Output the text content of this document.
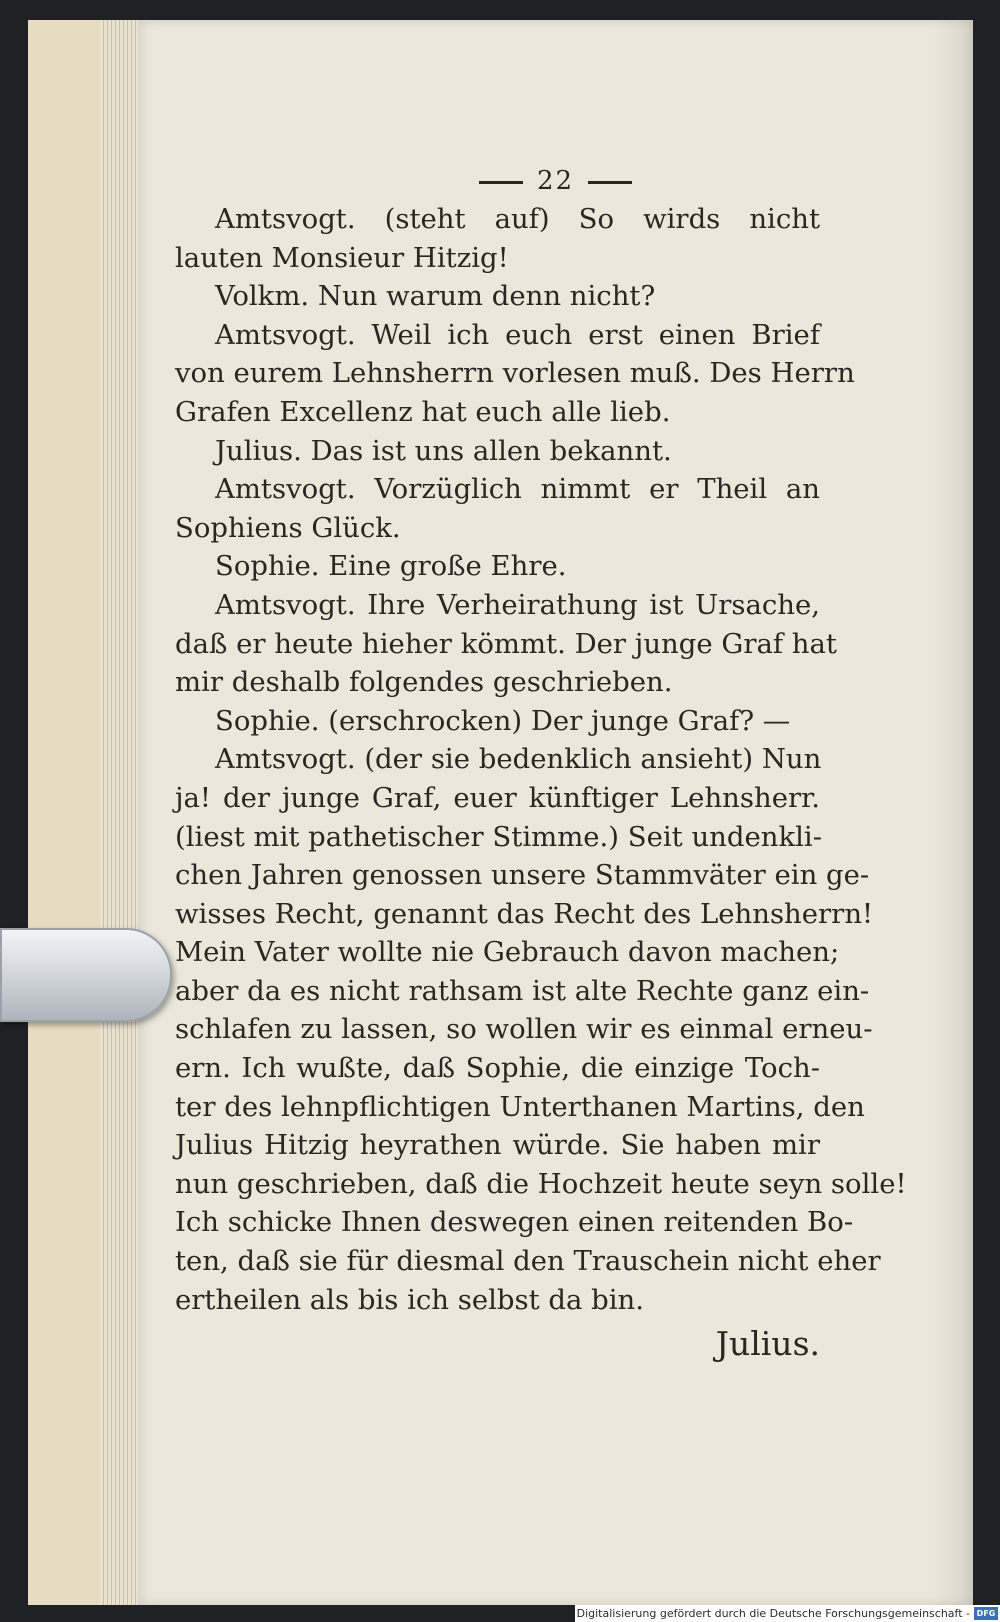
22
Amtsvogt. (steht auf) So wirds nicht
lauten Monsieur Hitzig!
Volkm. Nun warum denn nicht?
Amtsvogt. Weil ich euch erst einen Brief
von eurem Lehnsherrn vorlesen muß. Des Herrn
Grafen Excellenz hat euch alle lieb.
Julius. Das ist uns allen bekannt.
Amtsvogt. Vorzüglich nimmt er Theil an
Sophiens Glück.
Sophie. Eine große Ehre.
Amtsvogt. Ihre Verheirathung ist Ursache,
daß er heute hieher kömmt. Der junge Graf hat
mir deshalb folgendes geschrieben.
Sophie. (erschrocken) Der junge Graf? —
Amtsvogt. (der sie bedenklich ansieht) Nun
ja! der junge Graf, euer künftiger Lehnsherr.
(liest mit pathetischer Stimme.) Seit undenkli-
chen Jahren genossen unsere Stammväter ein ge-
wisses Recht, genannt das Recht des Lehnsherrn!
Mein Vater wollte nie Gebrauch davon machen;
aber da es nicht rathsam ist alte Rechte ganz ein-
schlafen zu lassen, so wollen wir es einmal erneu-
ern. Ich wußte, daß Sophie, die einzige Toch-
ter des lehnpflichtigen Unterthanen Martins, den
Julius Hitzig heyrathen würde. Sie haben mir
nun geschrieben, daß die Hochzeit heute seyn solle!
Ich schicke Ihnen deswegen einen reitenden Bo-
ten, daß sie für diesmal den Trauschein nicht eher
ertheilen als bis ich selbst da bin.
Julius.
Digitalisierung gefördert durch die Deutsche Forschungsgemeinschaft - DFG
